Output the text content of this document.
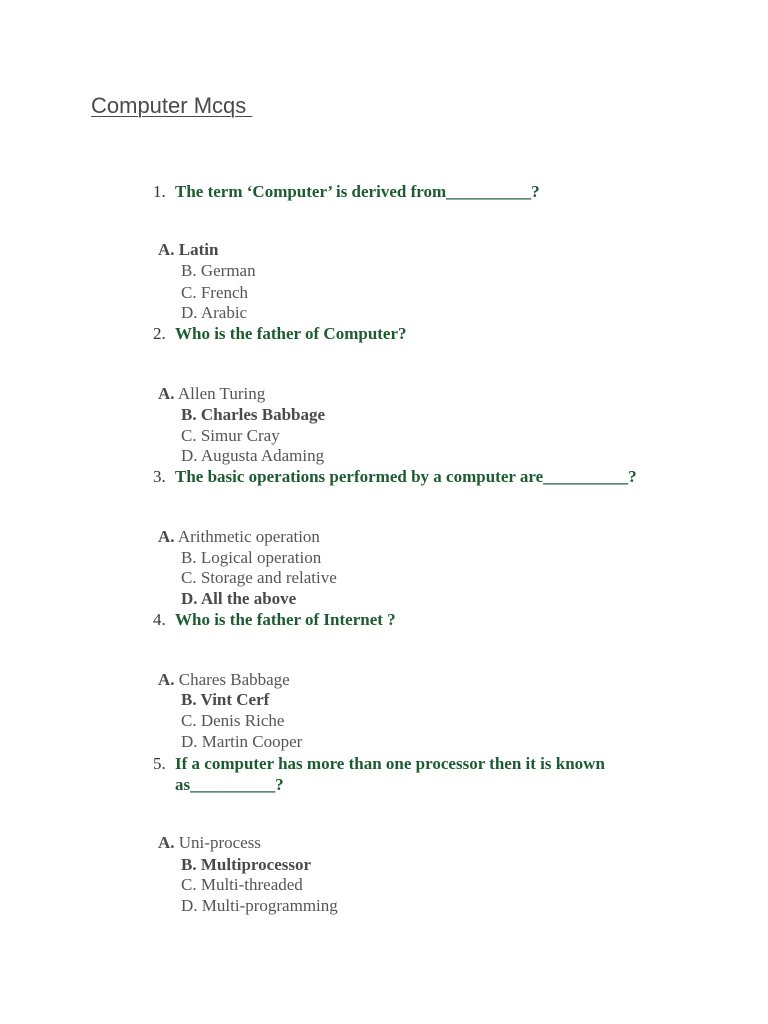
Computer Mcqs
1. The term ‘Computer’ is derived from__________?
A. Latin
B. German
C. French
D. Arabic
2. Who is the father of Computer?
A. Allen Turing
B. Charles Babbage
C. Simur Cray
D. Augusta Adaming
3. The basic operations performed by a computer are__________?
A. Arithmetic operation
B. Logical operation
C. Storage and relative
D. All the above
4. Who is the father of Internet ?
A. Chares Babbage
B. Vint Cerf
C. Denis Riche
D. Martin Cooper
5. If a computer has more than one processor then it is known
as__________?
A. Uni-process
B. Multiprocessor
C. Multi-threaded
D. Multi-programming
